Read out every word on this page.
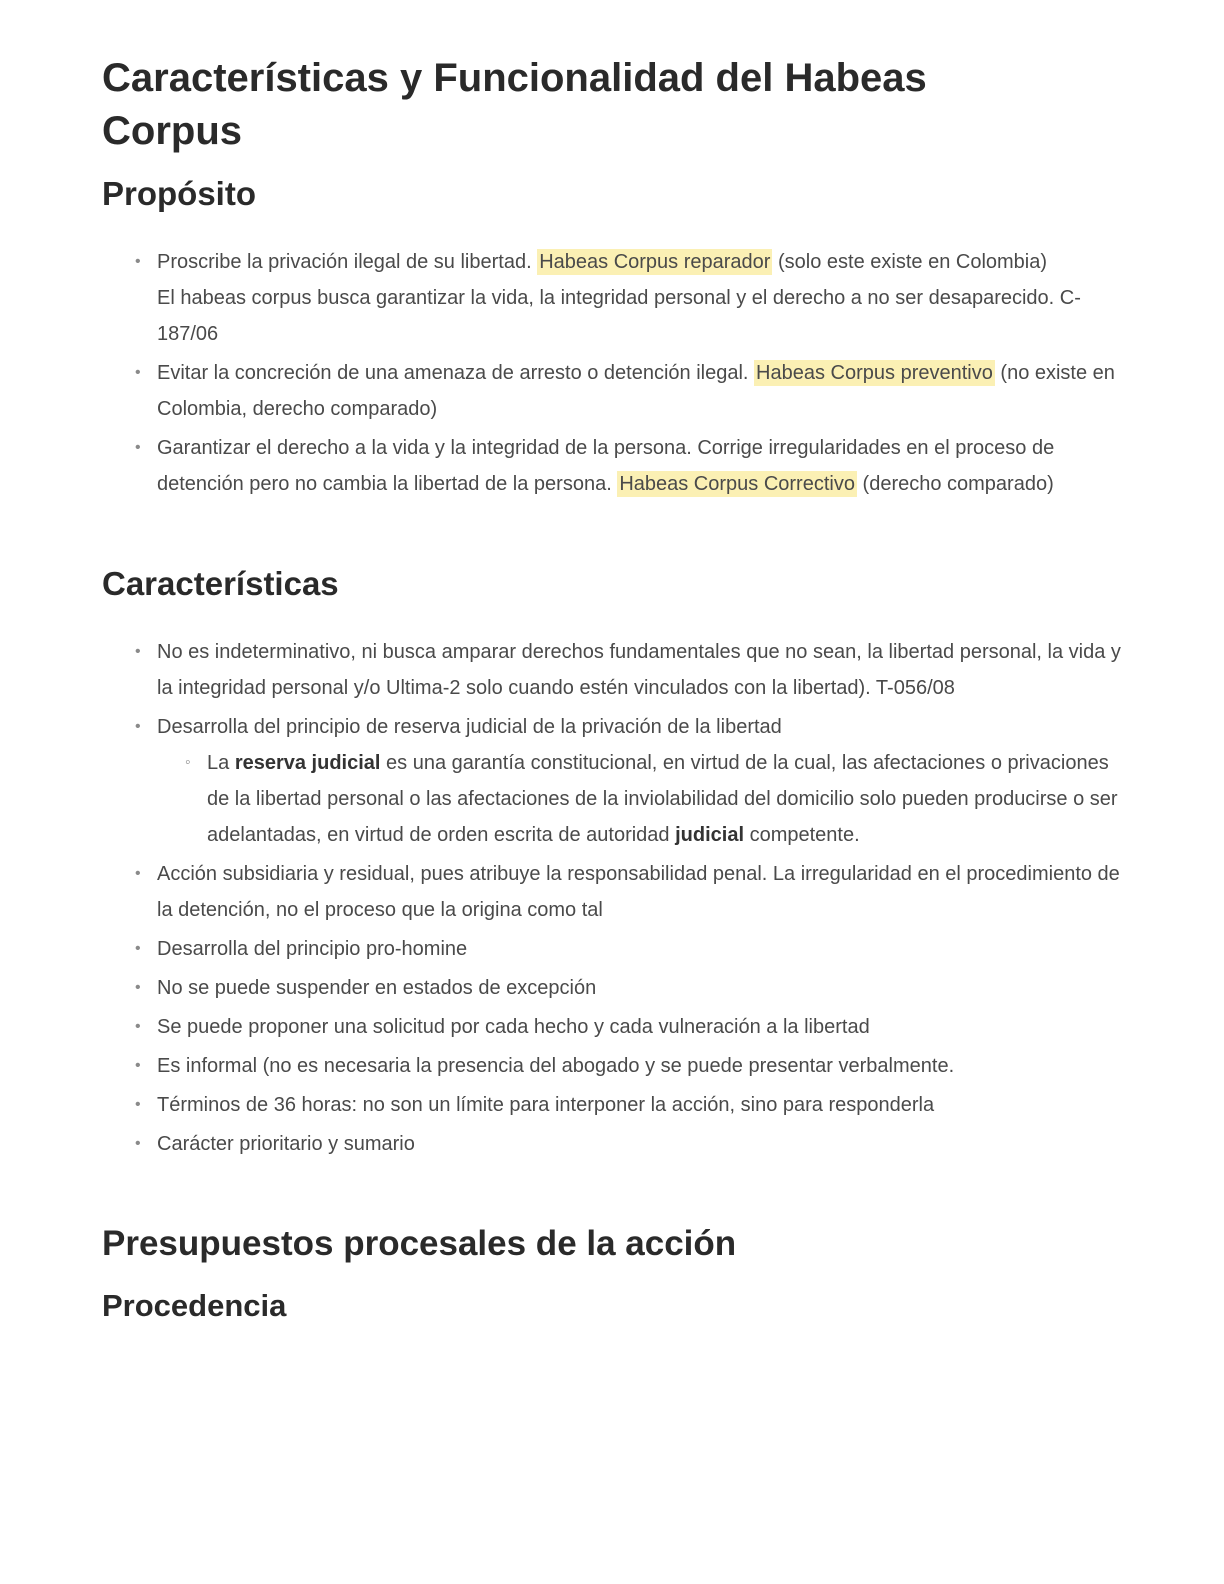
Características y Funcionalidad del Habeas Corpus
Propósito
• Proscribe la privación ilegal de su libertad. Habeas Corpus reparador (solo este existe en Colombia)
El habeas corpus busca garantizar la vida, la integridad personal y el derecho a no ser desaparecido. C-187/06
• Evitar la concreción de una amenaza de arresto o detención ilegal. Habeas Corpus preventivo (no existe en Colombia, derecho comparado)
• Garantizar el derecho a la vida y la integridad de la persona. Corrige irregularidades en el proceso de detención pero no cambia la libertad de la persona. Habeas Corpus Correctivo (derecho comparado)
Características
• No es indeterminativo, ni busca amparar derechos fundamentales que no sean, la libertad personal, la vida y la integridad personal y/o Ultima-2 solo cuando estén vinculados con la libertad). T-056/08
• Desarrolla del principio de reserva judicial de la privación de la libertad
◦ La reserva judicial es una garantía constitucional, en virtud de la cual, las afectaciones o privaciones de la libertad personal o las afectaciones de la inviolabilidad del domicilio solo pueden producirse o ser adelantadas, en virtud de orden escrita de autoridad judicial competente.
• Acción subsidiaria y residual, pues atribuye la responsabilidad penal. La irregularidad en el procedimiento de la detención, no el proceso que la origina como tal
• Desarrolla del principio pro-homine
• No se puede suspender en estados de excepción
• Se puede proponer una solicitud por cada hecho y cada vulneración a la libertad
• Es informal (no es necesaria la presencia del abogado y se puede presentar verbalmente.
• Términos de 36 horas: no son un límite para interponer la acción, sino para responderla
• Carácter prioritario y sumario
Presupuestos procesales de la acción
Procedencia
